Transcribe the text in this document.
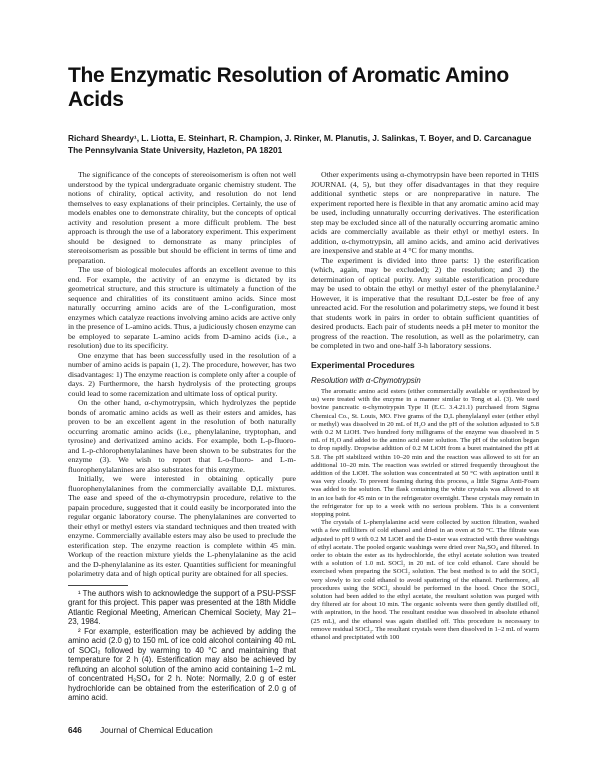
The Enzymatic Resolution of Aromatic Amino Acids
Richard Sheardy¹, L. Liotta, E. Steinhart, R. Champion, J. Rinker, M. Planutis, J. Salinkas, T. Boyer, and D. Carcanague
The Pennsylvania State University, Hazleton, PA 18201

The significance of the concepts of stereoisomerism is often not well understood by the typical undergraduate organic chemistry student. The notions of chirality, optical activity, and resolution do not lend themselves to easy explanations of their principles. Certainly, the use of models enables one to demonstrate chirality, but the concepts of optical activity and resolution present a more difficult problem. The best approach is through the use of a laboratory experiment. This experiment should be designed to demonstrate as many principles of stereoisomerism as possible but should be efficient in terms of time and preparation.

The use of biological molecules affords an excellent avenue to this end. For example, the activity of an enzyme is dictated by its geometrical structure, and this structure is ultimately a function of the sequence and chiralities of its constituent amino acids. Since most naturally occurring amino acids are of the L-configuration, most enzymes which catalyze reactions involving amino acids are active only in the presence of L-amino acids. Thus, a judiciously chosen enzyme can be employed to separate L-amino acids from D-amino acids (i.e., a resolution) due to its specificity.

One enzyme that has been successfully used in the resolution of a number of amino acids is papain (1, 2). The procedure, however, has two disadvantages: 1) The enzyme reaction is complete only after a couple of days. 2) Furthermore, the harsh hydrolysis of the protecting groups could lead to some racemization and ultimate loss of optical purity.

On the other hand, α-chymotrypsin, which hydrolyzes the peptide bonds of aromatic amino acids as well as their esters and amides, has proven to be an excellent agent in the resolution of both naturally occurring aromatic amino acids (i.e., phenylalanine, tryptophan, and tyrosine) and derivatized amino acids. For example, both L-p-fluoro- and L-p-chlorophenylalanines have been shown to be substrates for the enzyme (3). We wish to report that L-o-fluoro- and L-m-fluorophenylalanines are also substrates for this enzyme.

Initially, we were interested in obtaining optically pure fluorophenylalanines from the commercially available D,L mixtures. The ease and speed of the α-chymotrypsin procedure, relative to the papain procedure, suggested that it could easily be incorporated into the regular organic laboratory course. The phenylalanines are converted to their ethyl or methyl esters via standard techniques and then treated with enzyme. Commercially available esters may also be used to preclude the esterification step. The enzyme reaction is complete within 45 min. Workup of the reaction mixture yields the L-phenylalanine as the acid and the D-phenylalanine as its ester. Quantities sufficient for meaningful polarimetry data and of high optical purity are obtained for all species.

¹ The authors wish to acknowledge the support of a PSU-PSSF grant for this project. This paper was presented at the 18th Middle Atlantic Regional Meeting, American Chemical Society, May 21–23, 1984.

² For example, esterification may be achieved by adding the amino acid (2.0 g) to 150 mL of ice cold alcohol containing 40 mL of SOCl₂ followed by warming to 40 °C and maintaining that temperature for 2 h (4). Esterification may also be achieved by refluxing an alcohol solution of the amino acid containing 1–2 mL of concentrated H₂SO₄ for 2 h. Note: Normally, 2.0 g of ester hydrochloride can be obtained from the esterification of 2.0 g of amino acid.

Other experiments using α-chymotrypsin have been reported in THIS JOURNAL (4, 5), but they offer disadvantages in that they require additional synthetic steps or are nonpreparative in nature. The experiment reported here is flexible in that any aromatic amino acid may be used, including unnaturally occurring derivatives. The esterification step may be excluded since all of the naturally occurring aromatic amino acids are commercially available as their ethyl or methyl esters. In addition, α-chymotrypsin, all amino acids, and amino acid derivatives are inexpensive and stable at 4 °C for many months.

The experiment is divided into three parts: 1) the esterification (which, again, may be excluded); 2) the resolution; and 3) the determination of optical purity. Any suitable esterification procedure may be used to obtain the ethyl or methyl ester of the phenylalanine.² However, it is imperative that the resultant D,L-ester be free of any unreacted acid. For the resolution and polarimetry steps, we found it best that students work in pairs in order to obtain sufficient quantities of desired products. Each pair of students needs a pH meter to monitor the progress of the reaction. The resolution, as well as the polarimetry, can be completed in two and one-half 3-h laboratory sessions.

Experimental Procedures
Resolution with α-Chymotrypsin

The aromatic amino acid esters (either commercially available or synthesized by us) were treated with the enzyme in a manner similar to Tong et al. (3). We used bovine pancreatic α-chymotrypsin Type II (E.C. 3.4.21.1) purchased from Sigma Chemical Co., St. Louis, MO. Five grams of the D,L phenylalanyl ester (either ethyl or methyl) was dissolved in 20 mL of H₂O and the pH of the solution adjusted to 5.8 with 0.2 M LiOH. Two hundred forty milligrams of the enzyme was dissolved in 5 mL of H₂O and added to the amino acid ester solution. The pH of the solution began to drop rapidly. Dropwise addition of 0.2 M LiOH from a buret maintained the pH at 5.8. The pH stabilized within 10–20 min and the reaction was allowed to sit for an additional 10–20 min. The reaction was swirled or stirred frequently throughout the addition of the LiOH. The solution was concentrated at 50 °C with aspiration until it was very cloudy. To prevent foaming during this process, a little Sigma Anti-Foam was added to the solution. The flask containing the white crystals was allowed to sit in an ice bath for 45 min or in the refrigerator overnight. These crystals may remain in the refrigerator for up to a week with no serious problem. This is a convenient stopping point.

The crystals of L-phenylalanine acid were collected by suction filtration, washed with a few milliliters of cold ethanol and dried in an oven at 50 °C. The filtrate was adjusted to pH 9 with 0.2 M LiOH and the D-ester was extracted with three washings of ethyl acetate. The pooled organic washings were dried over Na₂SO₄ and filtered. In order to obtain the ester as its hydrochloride, the ethyl acetate solution was treated with a solution of 1.0 mL SOCl₂ in 20 mL of ice cold ethanol. Care should be exercised when preparing the SOCl₂ solution. The best method is to add the SOCl₂ very slowly to ice cold ethanol to avoid spattering of the ethanol. Furthermore, all procedures using the SOCl₂ should be performed in the hood. Once the SOCl₂ solution had been added to the ethyl acetate, the resultant solution was purged with dry filtered air for about 10 min. The organic solvents were then gently distilled off, with aspiration, in the hood. The resultant residue was dissolved in absolute ethanol (25 mL), and the ethanol was again distilled off. This procedure is necessary to remove residual SOCl₂. The resultant crystals were then dissolved in 1–2 mL of warm ethanol and precipitated with 100

646 Journal of Chemical Education
